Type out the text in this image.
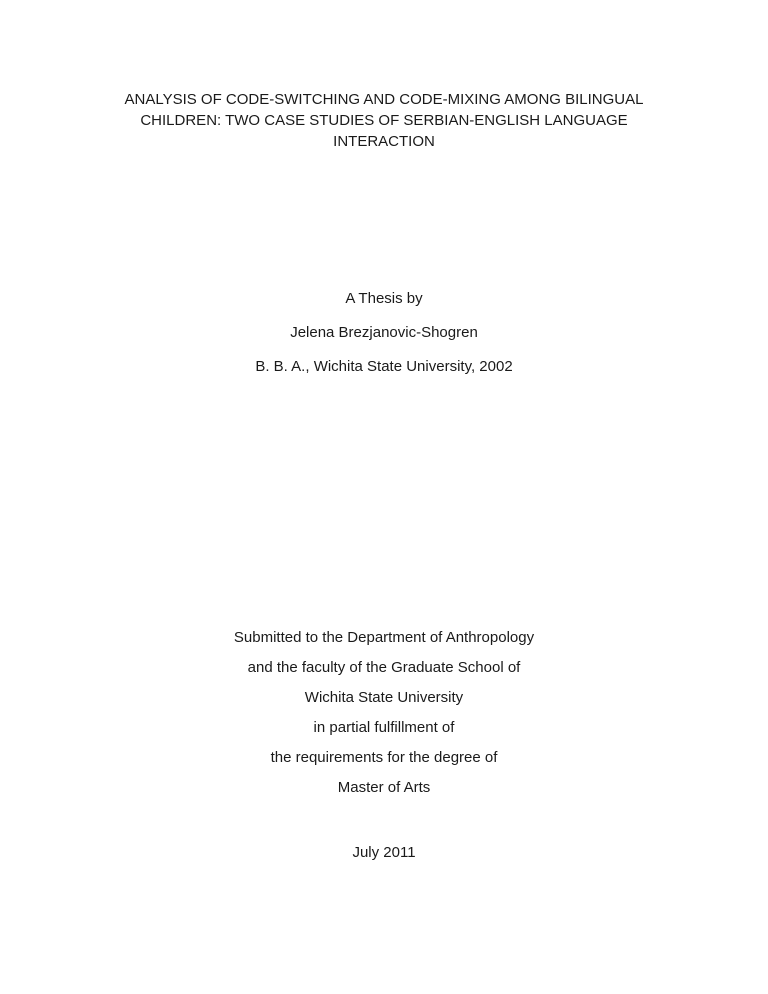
ANALYSIS OF CODE-SWITCHING AND CODE-MIXING AMONG BILINGUAL
CHILDREN: TWO CASE STUDIES OF SERBIAN-ENGLISH LANGUAGE
INTERACTION
A Thesis by
Jelena Brezjanovic-Shogren
B. B. A., Wichita State University, 2002
Submitted to the Department of Anthropology
and the faculty of the Graduate School of
Wichita State University
in partial fulfillment of
the requirements for the degree of
Master of Arts
July 2011
